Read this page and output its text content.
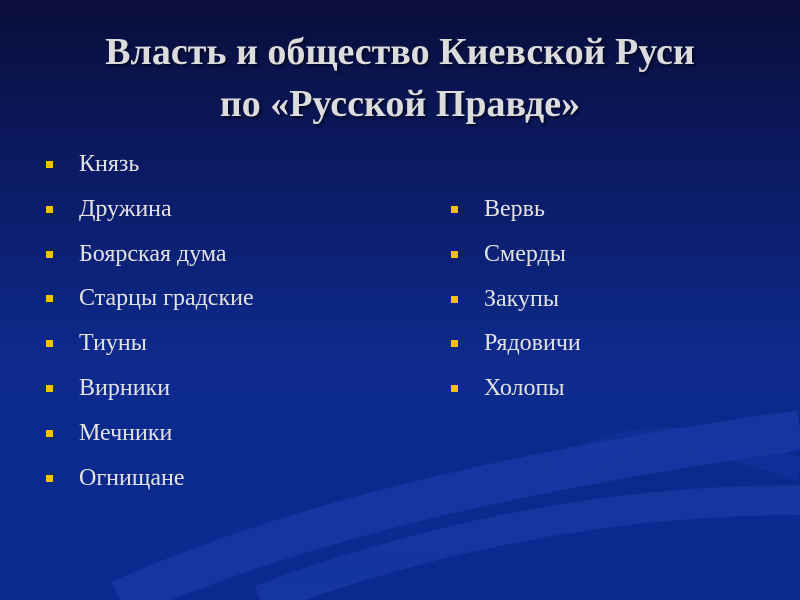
Власть и общество Киевской Руси
по «Русской Правде»
Князь
Дружина
Боярская дума
Старцы градские
Тиуны
Вирники
Мечники
Огнищане
Вервь
Смерды
Закупы
Рядовичи
Холопы
